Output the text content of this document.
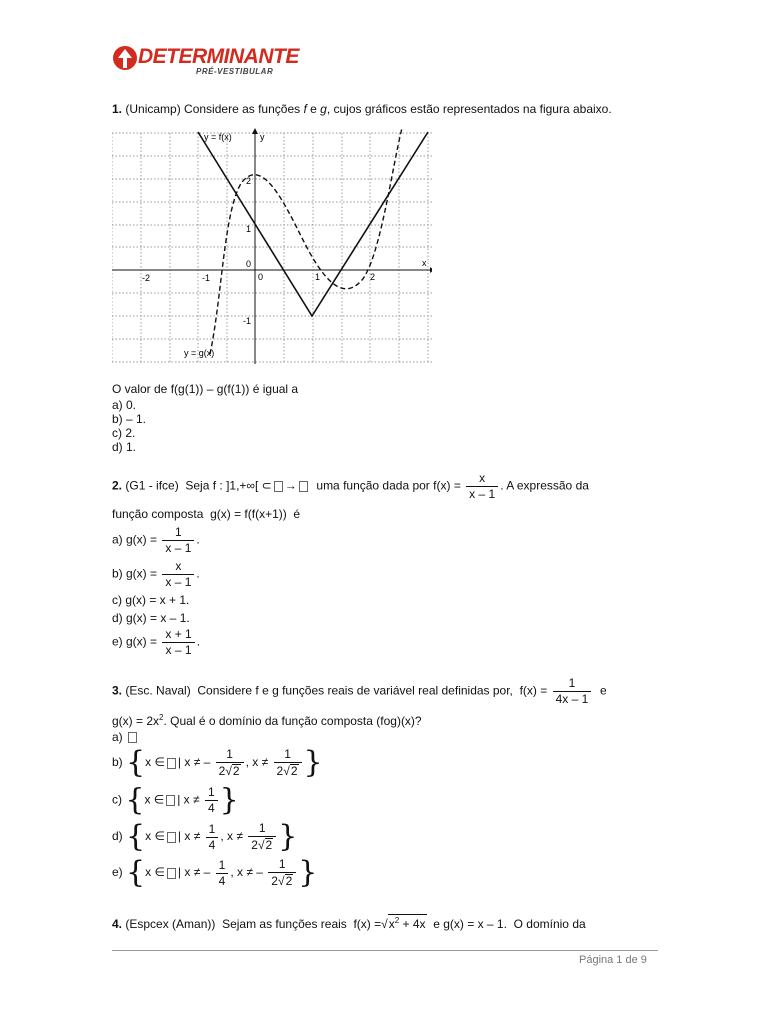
DETERMINANTE
PRÉ-VESTIBULAR
1. (Unicamp) Considere as funções f e g, cujos gráficos estão representados na figura abaixo.
y = f(x)	y
x
y = g(x)
-2	-1	0	1	2
2
1
0
-1
O valor de f(g(1)) – g(f(1)) é igual a
a) 0.
b) – 1.
c) 2.
d) 1.
2. (G1 - ifce) Seja f : ]1,+∞[ ⊂ → uma função dada por $f(x) = \frac{x}{x - 1}$ . A expressão da
função composta g(x) = f(f(x+1)) é
a) $g(x) = \frac{1}{x - 1}$ .
b) $g(x) = \frac{x}{x - 1}$ .
c) g(x) = x + 1.
d) g(x) = x – 1.
e) $g(x) = \frac{x + 1}{x - 1}$ .
3. (Esc. Naval) Considere f e g funções reais de variável real definidas por, $f(x) = \frac{1}{4x - 1}$ e
$g(x) = 2x^2$. Qual é o domínio da função composta (fog)(x)?
a)
b) {x ∈ | x ≠ – $\frac{1}{2√2}$ , $x \ne \frac{1}{2√2}$ }
c) {x ∈ | $x \ne \frac{1}{4}$ }
d) {x ∈ | $x \ne \frac{1}{4}$ , $x \ne \frac{1}{2√2}$ }
e) {x ∈ | x ≠ – $\frac{1}{4}$ , x ≠ – $\frac{1}{2√2}$ }
4. (Espcex (Aman)) Sejam as funções reais $f(x) =√x^2 + 4x$ e g(x) = x – 1. O domínio da
Página 1 de 9
